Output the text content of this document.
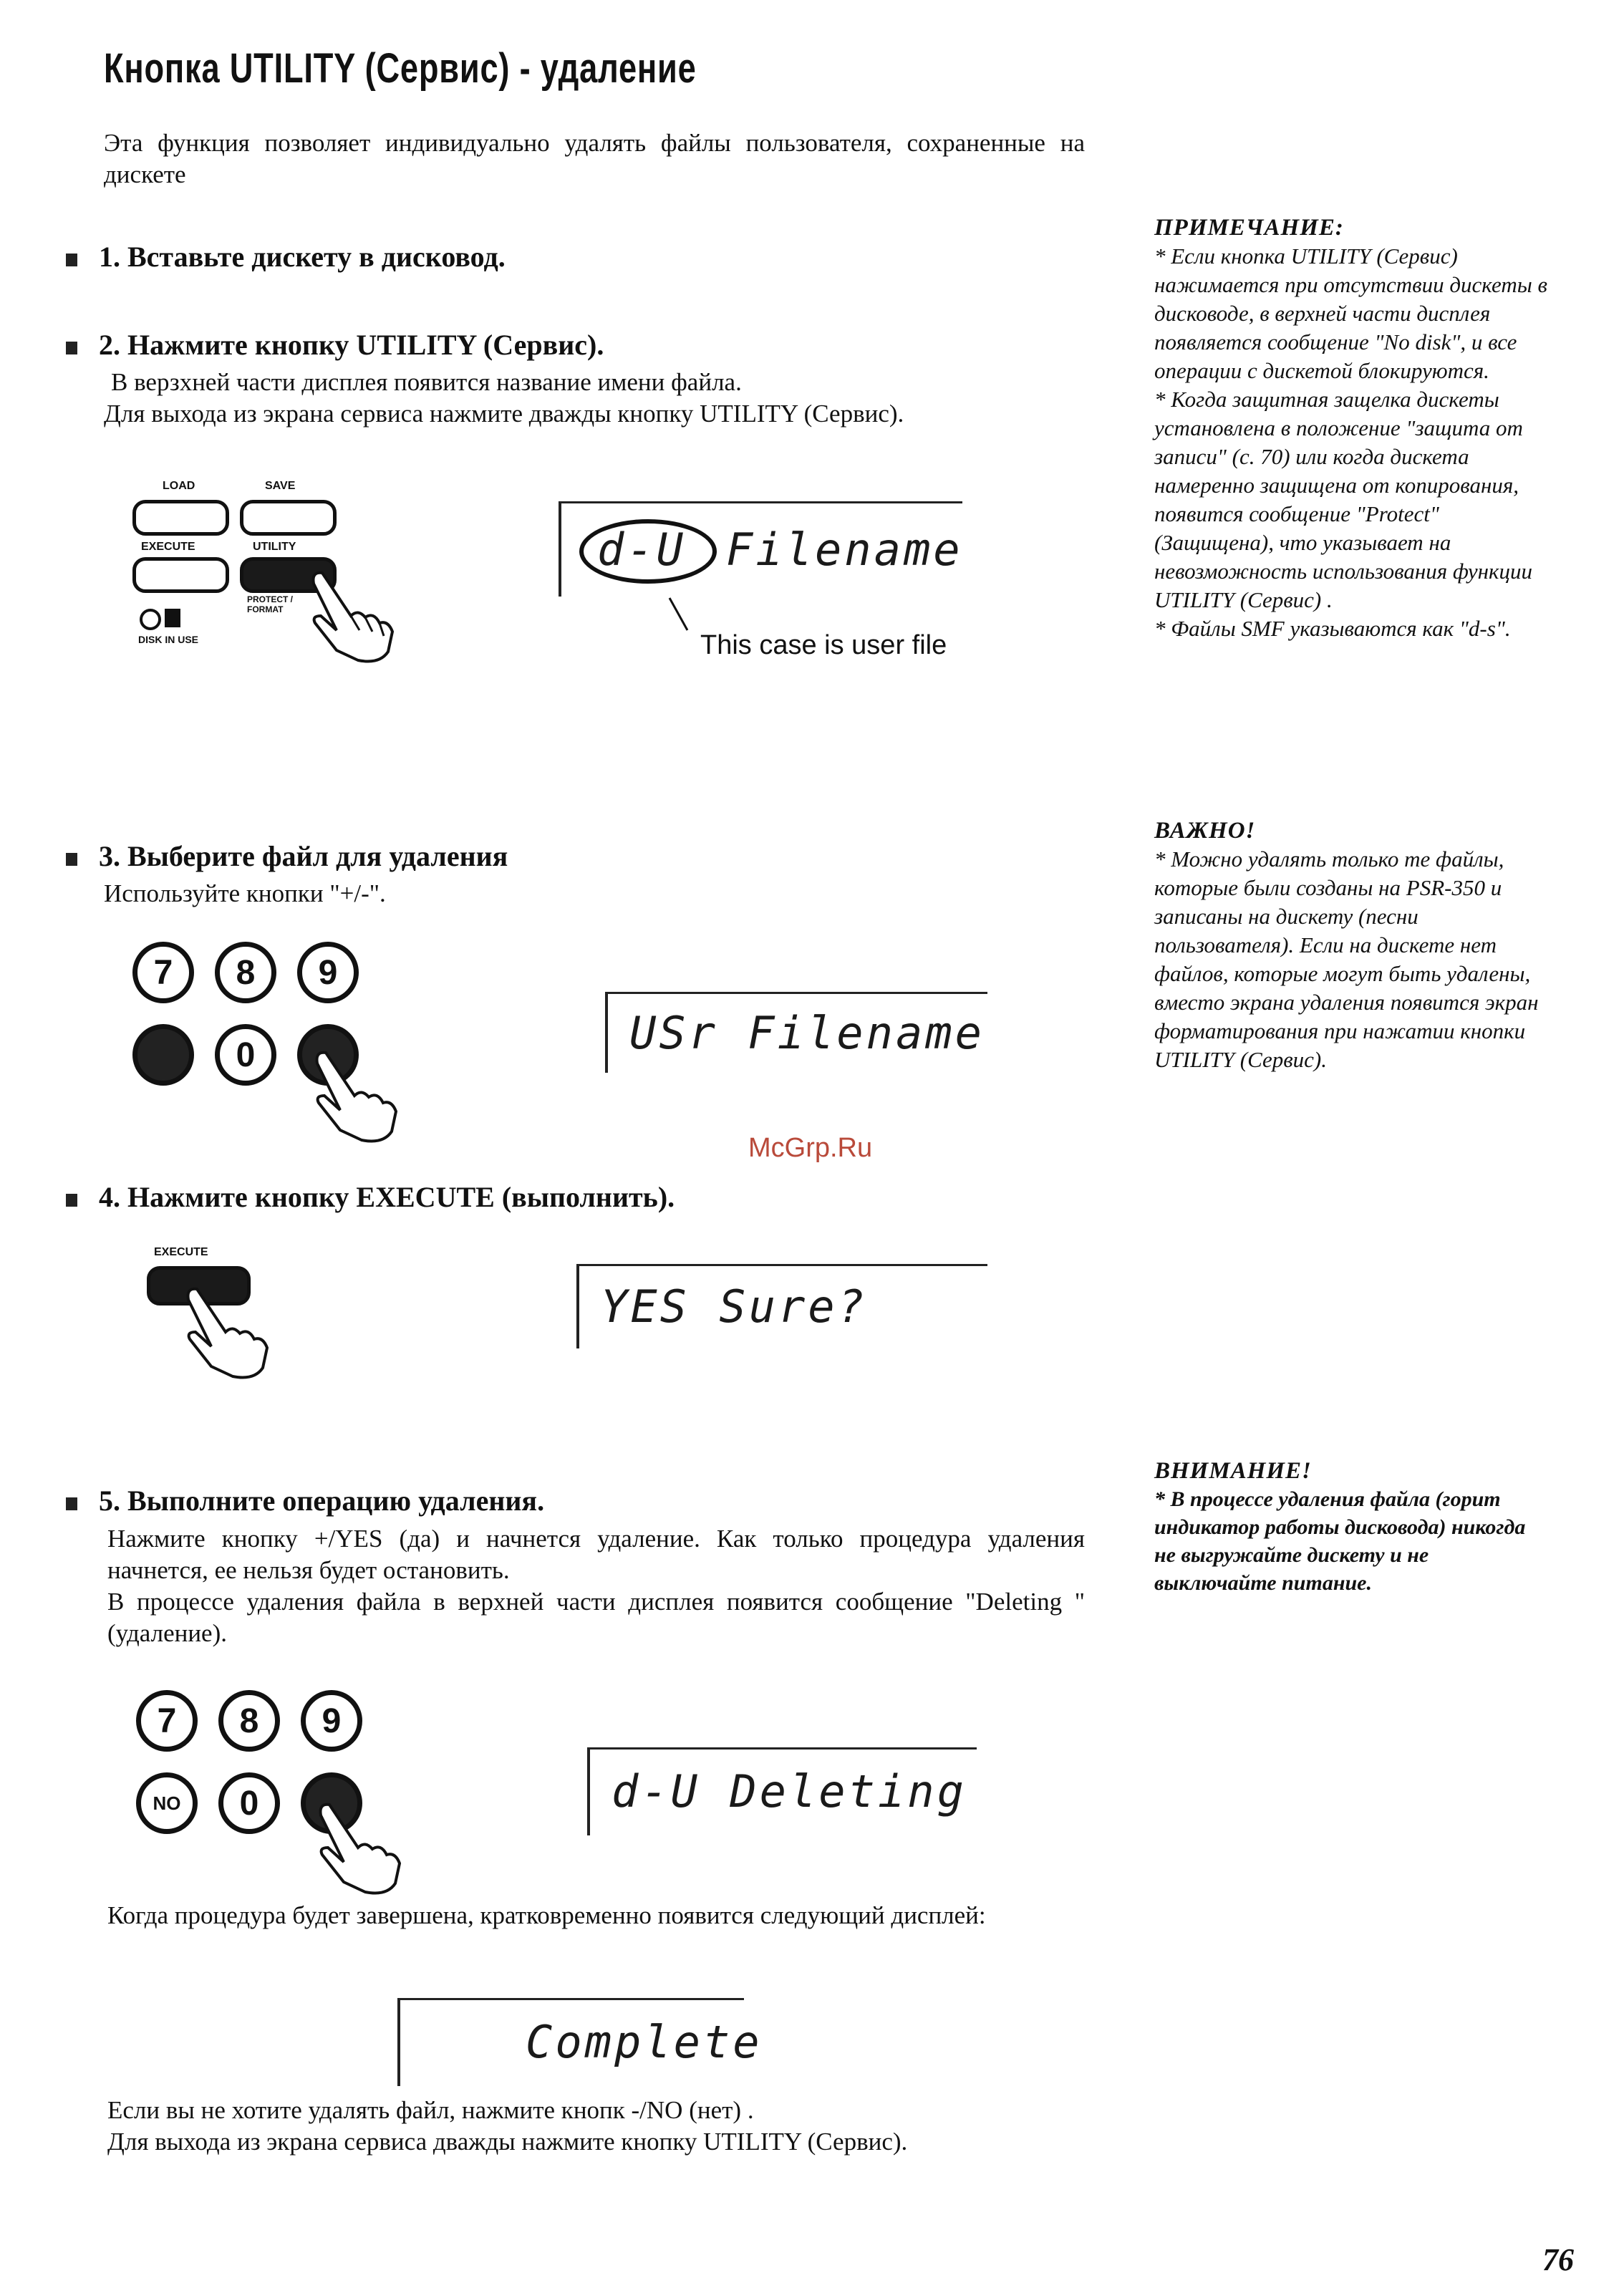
Кнопка UTILITY (Сервис) - удаление
Эта функция позволяет индивидуально удалять файлы пользователя, сохраненные на дискете
1. Вставьте дискету в дисковод.
2. Нажмите кнопку UTILITY (Сервис).
В верзхней части дисплея появится название имени файла.
Для выхода из экрана сервиса нажмите дважды кнопку UTILITY (Сервис).
LOAD	SAVE
EXECUTE	UTILITY
PROTECT / FORMAT
DISK IN USE
d-U Filename
This case is user file
3. Выберите файл для удаления
Используйте кнопки "+/-".
7	8	9
0	USr Filename
McGrp.Ru
4. Нажмите кнопку EXECUTE (выполнить).
EXECUTE
YES Sure?
5. Выполните операцию удаления.
Нажмите кнопку +/YES (да) и начнется удаление. Как только процедура удаления начнется, ее нельзя будет остановить.
В процессе удаления файла в верхней части дисплея появится сообщение "Deleting " (удаление).
7	8	9
NO	0	d-U Deleting
Когда процедура будет завершена, кратковременно появится следующий дисплей:
Complete
Если вы не хотите удалять файл, нажмите кнопк -/NO (нет) .
Для выхода из экрана сервиса дважды нажмите кнопку UTILITY (Сервис).
ПРИМЕЧАНИЕ:
* Если кнопка UTILITY (Сервис) нажимается при отсутствии дискеты в дисководе, в верхней части дисплея появляется сообщение "No disk", и все операции с дискетой блокируются.
* Когда защитная защелка дискеты установлена в положение "защита от записи" (с. 70) или когда дискета намеренно защищена от копирования, появится сообщение "Protect" (Защищена), что указывает на невозможность использования функции UTILITY (Сервис) .
* Файлы SMF указываются как "d-s".
ВАЖНО!
* Можно удалять только те файлы, которые были созданы на PSR-350 и записаны на дискету (песни пользователя). Если на дискете нет файлов, которые могут быть удалены, вместо экрана удаления появится экран форматирования при нажатии кнопки UTILITY (Сервис).
ВНИМАНИЕ!
* В процессе удаления файла (горит индикатор работы дисковода) никогда не выгружайте дискету и не выключайте питание.
76
